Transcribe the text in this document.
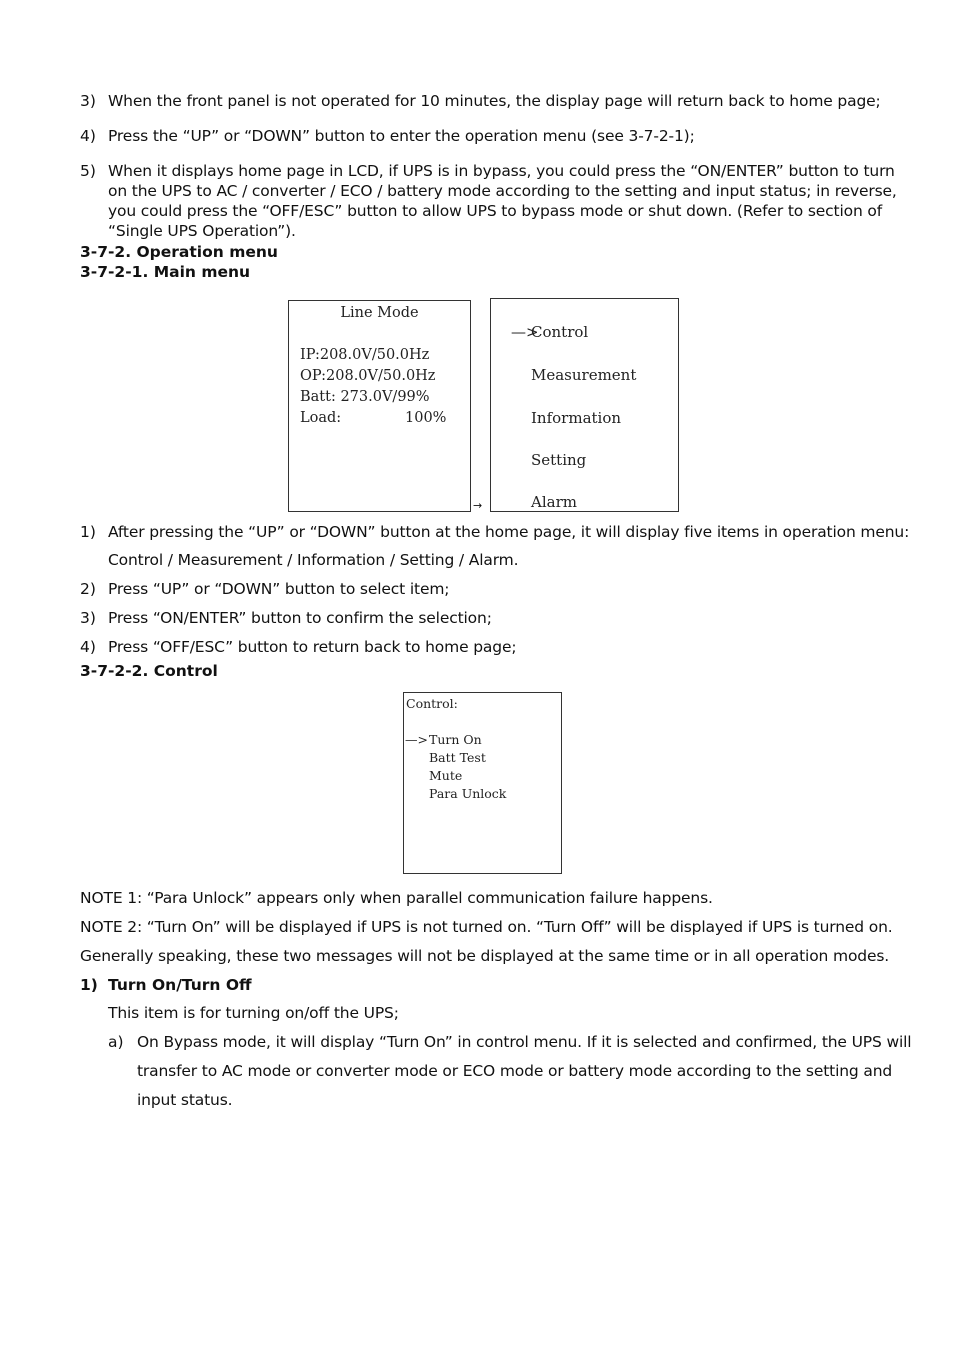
3) When the front panel is not operated for 10 minutes, the display page will return back to home page;
4) Press the “UP” or “DOWN” button to enter the operation menu (see 3-7-2-1);
5) When it displays home page in LCD, if UPS is in bypass, you could press the “ON/ENTER” button to turn on the UPS to AC / converter / ECO / battery mode according to the setting and input status; in reverse, you could press the “OFF/ESC” button to allow UPS to bypass mode or shut down. (Refer to section of “Single UPS Operation”).
3-7-2. Operation menu
3-7-2-1. Main menu
Line Mode
IP:208.0V/50.0Hz
OP:208.0V/50.0Hz
Batt: 273.0V/99%
Load:	100%
→
—>
Control
Measurement
Information
Setting
Alarm
1) After pressing the “UP” or “DOWN” button at the home page, it will display five items in operation menu:
Control / Measurement / Information / Setting / Alarm.
2) Press “UP” or “DOWN” button to select item;
3) Press “ON/ENTER” button to confirm the selection;
4) Press “OFF/ESC” button to return back to home page;
3-7-2-2. Control
Control:
—> Turn On
Batt Test
Mute
Para Unlock
NOTE 1: “Para Unlock” appears only when parallel communication failure happens.
NOTE 2: “Turn On” will be displayed if UPS is not turned on. “Turn Off” will be displayed if UPS is turned on.
Generally speaking, these two messages will not be displayed at the same time or in all operation modes.
1) Turn On/Turn Off
This item is for turning on/off the UPS;
a) On Bypass mode, it will display “Turn On” in control menu. If it is selected and confirmed, the UPS will
transfer to AC mode or converter mode or ECO mode or battery mode according to the setting and
input status.
